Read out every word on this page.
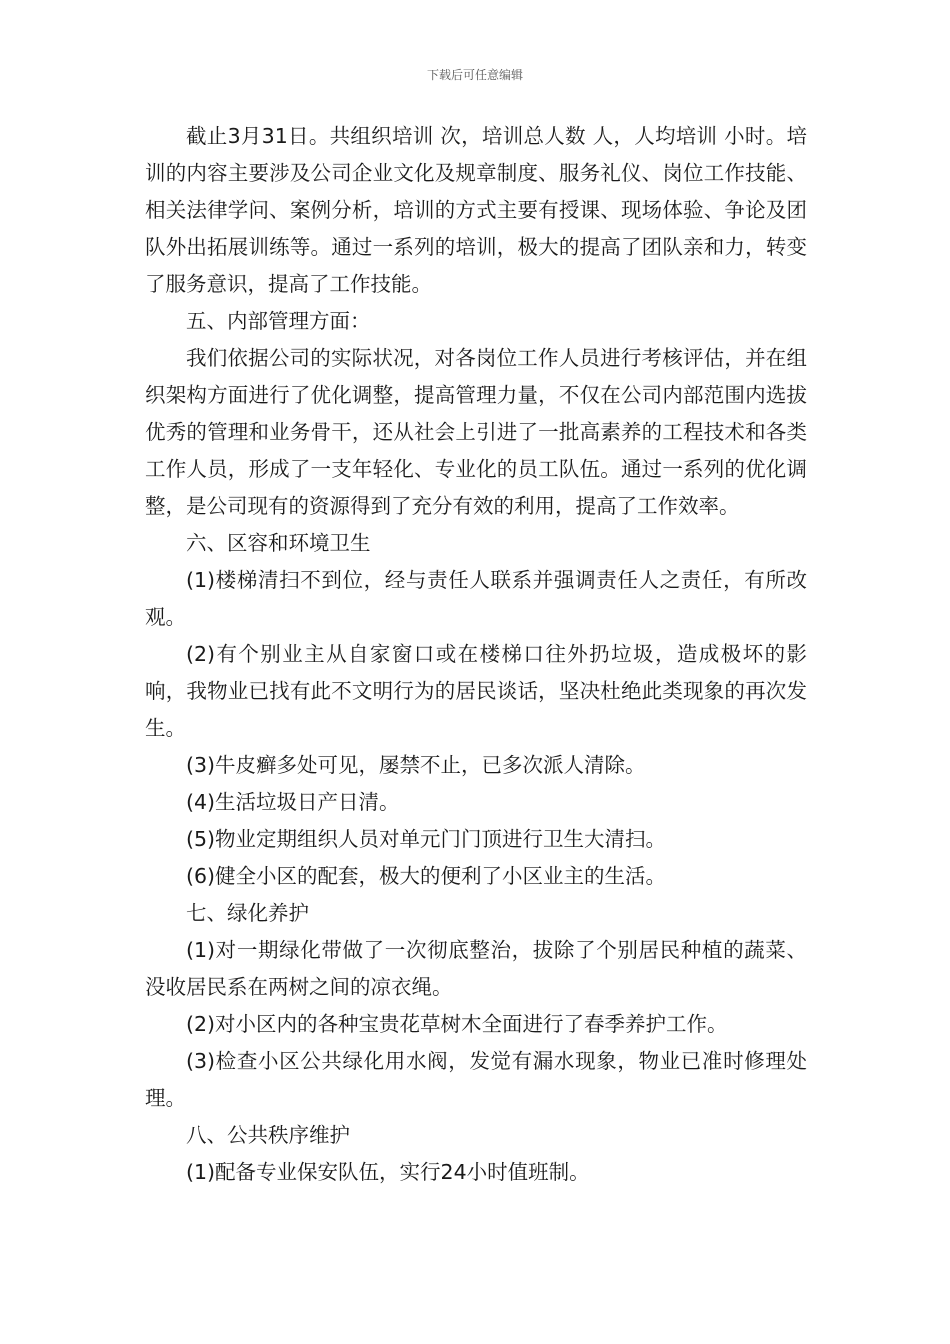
下载后可任意编辑

截止3月31日。共组织培训 次，培训总人数 人，人均培训 小时。培训的内容主要涉及公司企业文化及规章制度、服务礼仪、岗位工作技能、相关法律学问、案例分析，培训的方式主要有授课、现场体验、争论及团队外出拓展训练等。通过一系列的培训，极大的提高了团队亲和力，转变了服务意识，提高了工作技能。

五、内部管理方面：

我们依据公司的实际状况，对各岗位工作人员进行考核评估，并在组织架构方面进行了优化调整，提高管理力量，不仅在公司内部范围内选拔优秀的管理和业务骨干，还从社会上引进了一批高素养的工程技术和各类工作人员，形成了一支年轻化、专业化的员工队伍。通过一系列的优化调整，是公司现有的资源得到了充分有效的利用，提高了工作效率。

六、区容和环境卫生

(1)楼梯清扫不到位，经与责任人联系并强调责任人之责任，有所改观。

(2)有个别业主从自家窗口或在楼梯口往外扔垃圾，造成极坏的影响，我物业已找有此不文明行为的居民谈话，坚决杜绝此类现象的再次发生。

(3)牛皮癣多处可见，屡禁不止，已多次派人清除。

(4)生活垃圾日产日清。

(5)物业定期组织人员对单元门门顶进行卫生大清扫。

(6)健全小区的配套，极大的便利了小区业主的生活。

七、绿化养护

(1)对一期绿化带做了一次彻底整治，拔除了个别居民种植的蔬菜、没收居民系在两树之间的凉衣绳。

(2)对小区内的各种宝贵花草树木全面进行了春季养护工作。

(3)检查小区公共绿化用水阀，发觉有漏水现象，物业已准时修理处理。

八、公共秩序维护

(1)配备专业保安队伍，实行24小时值班制。
